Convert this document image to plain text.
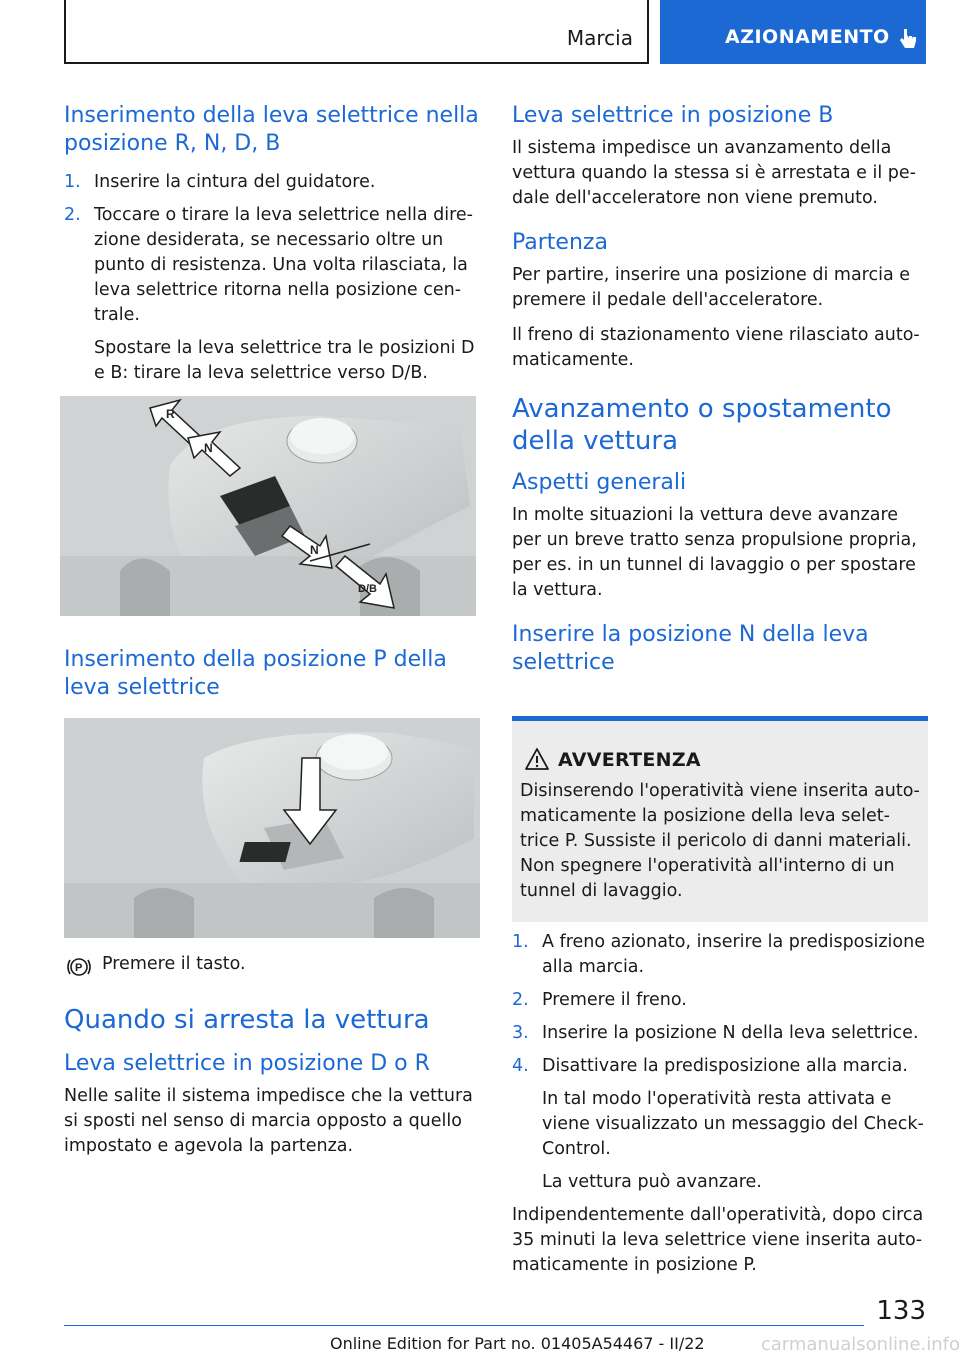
Marcia	AZIONAMENTO
Inserimento della leva selettrice nella posizione R, N, D, B
1. Inserire la cintura del guidatore.
2. Toccare o tirare la leva selettrice nella direzione desiderata, se necessario oltre un punto di resistenza. Una volta rilasciata, la leva selettrice ritorna nella posizione centrale.
Spostare la leva selettrice tra le posizioni D e B: tirare la leva selettrice verso D/B.
R
N
N
D/B
Inserimento della posizione P della leva selettrice
P Premere il tasto.
Quando si arresta la vettura
Leva selettrice in posizione D o R

Nelle salite il sistema impedisce che la vettura si sposti nel senso di marcia opposto a quello impostato e agevola la partenza.

Leva selettrice in posizione B

Il sistema impedisce un avanzamento della vettura quando la stessa si è arrestata e il pedale dell'acceleratore non viene premuto.

Partenza

Per partire, inserire una posizione di marcia e premere il pedale dell'acceleratore.

Il freno di stazionamento viene rilasciato automaticamente.

Avanzamento o spostamento della vettura
Aspetti generali

In molte situazioni la vettura deve avanzare per un breve tratto senza propulsione propria, per es. in un tunnel di lavaggio o per spostare la vettura.

Inserire la posizione N della leva selettrice
AVVERTENZA
Disinserendo l'operatività viene inserita automaticamente la posizione della leva selettrice P. Sussiste il pericolo di danni materiali. Non spegnere l'operatività all'interno di un tunnel di lavaggio.
1. A freno azionato, inserire la predisposizione alla marcia.
2. Premere il freno.
3. Inserire la posizione N della leva selettrice.
4. Disattivare la predisposizione alla marcia.
In tal modo l'operatività resta attivata e viene visualizzato un messaggio del Check-Control.
La vettura può avanzare.

Indipendentemente dall'operatività, dopo circa 35 minuti la leva selettrice viene inserita automaticamente in posizione P.

133
Online Edition for Part no. 01405A54467 - II/22	carmanualsonline.info
